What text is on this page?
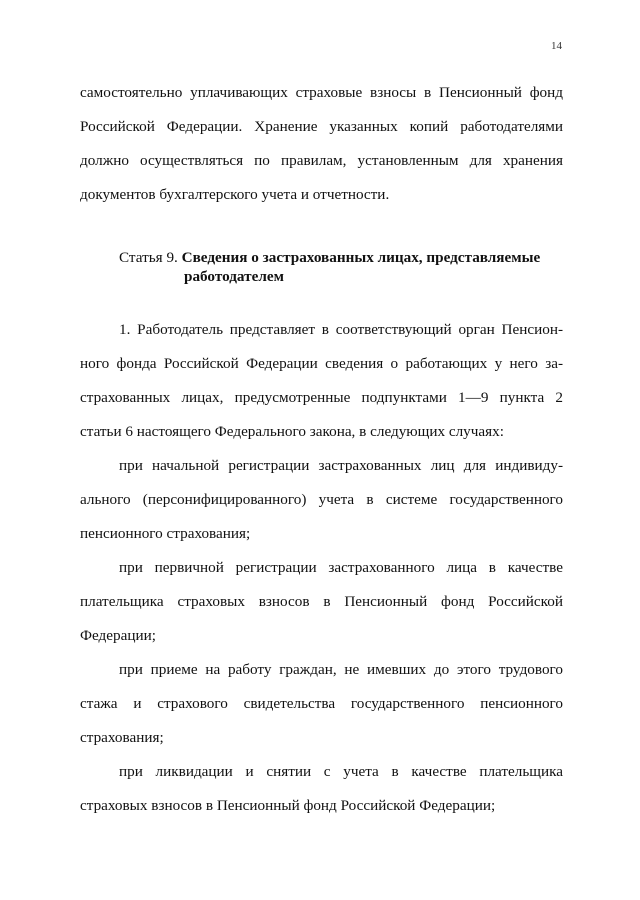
14
самостоятельно уплачивающих страховые взносы в Пенсионный фонд
Российской Федерации. Хранение указанных копий работодателями
должно осуществляться по правилам, установленным для хранения
документов бухгалтерского учета и отчетности.
Статья 9. Сведения о застрахованных лицах, представляемые
работодателем
1. Работодатель представляет в соответствующий орган Пенсион-
ного фонда Российской Федерации сведения о работающих у него за-
страхованных лицах, предусмотренные подпунктами 1—9 пункта 2
статьи 6 настоящего Федерального закона, в следующих случаях:
при начальной регистрации застрахованных лиц для индивиду-
ального (персонифицированного) учета в системе государственного
пенсионного страхования;
при первичной регистрации застрахованного лица в качестве
плательщика страховых взносов в Пенсионный фонд Российской
Федерации;
при приеме на работу граждан, не имевших до этого трудового
стажа и страхового свидетельства государственного пенсионного
страхования;
при ликвидации и снятии с учета в качестве плательщика
страховых взносов в Пенсионный фонд Российской Федерации;
